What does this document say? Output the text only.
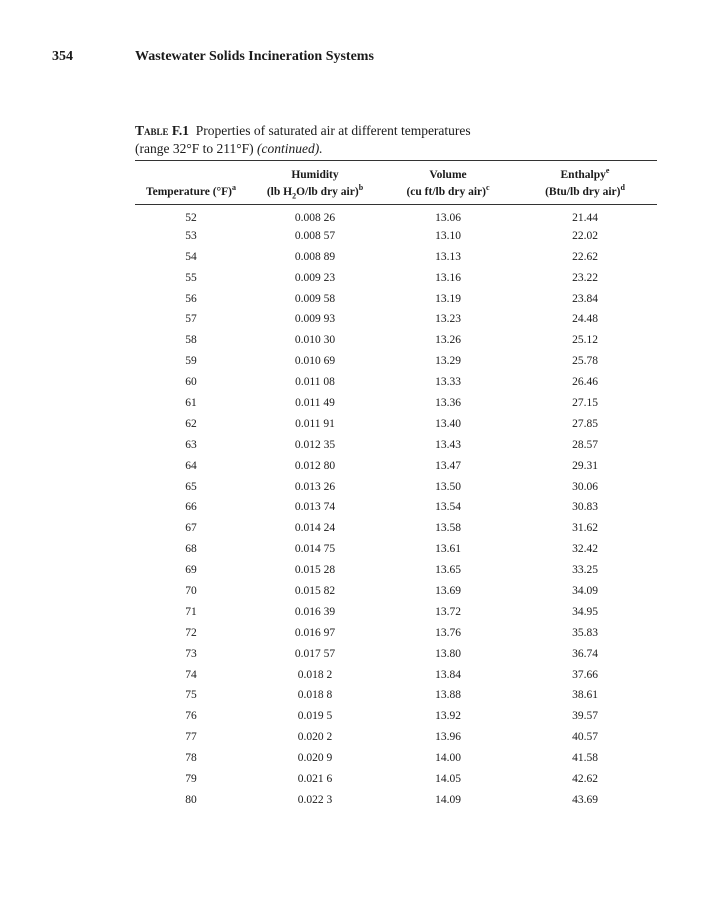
354	Wastewater Solids Incineration Systems
Table F.1 Properties of saturated air at different temperatures
(range 32°F to 211°F) (continued).
	Humidity	Volume	Enthalpy$^e$
Temperature $(^\circ F)^a$	(lb $H_2O/lb$ dry air)$^b$	(cu ft/lb dry air)$^c$	(Btu/lb dry air)$^d$
52	0.008 26	13.06	21.44
53	0.008 57	13.10	22.02
54	0.008 89	13.13	22.62
55	0.009 23	13.16	23.22
56	0.009 58	13.19	23.84
57	0.009 93	13.23	24.48
58	0.010 30	13.26	25.12
59	0.010 69	13.29	25.78
60	0.011 08	13.33	26.46
61	0.011 49	13.36	27.15
62	0.011 91	13.40	27.85
63	0.012 35	13.43	28.57
64	0.012 80	13.47	29.31
65	0.013 26	13.50	30.06
66	0.013 74	13.54	30.83
67	0.014 24	13.58	31.62
68	0.014 75	13.61	32.42
69	0.015 28	13.65	33.25
70	0.015 82	13.69	34.09
71	0.016 39	13.72	34.95
72	0.016 97	13.76	35.83
73	0.017 57	13.80	36.74
74	0.018 2	13.84	37.66
75	0.018 8	13.88	38.61
76	0.019 5	13.92	39.57
77	0.020 2	13.96	40.57
78	0.020 9	14.00	41.58
79	0.021 6	14.05	42.62
80	0.022 3	14.09	43.69
